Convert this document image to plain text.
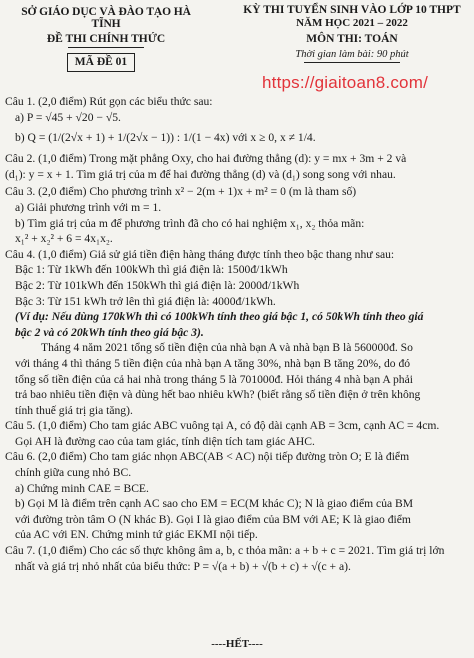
SỞ GIÁO DỤC VÀ ĐÀO TẠO HÀ TĨNH
ĐỀ THI CHÍNH THỨC
MÃ ĐỀ 01
KỲ THI TUYỂN SINH VÀO LỚP 10 THPT
NĂM HỌC 2021 – 2022
MÔN THI: TOÁN
Thời gian làm bài: 90 phút
https://giaitoan8.com/
Câu 1. (2,0 điểm) Rút gọn các biểu thức sau:
a) P = √45 + √20 − √5.
b) Q = (1/(2√x + 1) + 1/(2√x − 1)) : 1/(1 − 4x) với x ≥ 0, x ≠ 1/4.
Câu 2. (1,0 điểm) Trong mặt phẳng Oxy, cho hai đường thẳng (d): y = mx + 3m + 2 và
(d₁): y = x + 1. Tìm giá trị của m để hai đường thẳng (d) và (d₁) song song với nhau.
Câu 3. (2,0 điểm) Cho phương trình x² − 2(m + 1)x + m² = 0 (m là tham số)
a) Giải phương trình với m = 1.
b) Tìm giá trị của m để phương trình đã cho có hai nghiệm x₁, x₂ thỏa mãn:
x₁² + x₂² + 6 = 4x₁x₂.
Câu 4. (1,0 điểm) Giả sử giá tiền điện hàng tháng được tính theo bậc thang như sau:
Bậc 1: Từ 1kWh đến 100kWh thì giá điện là: 1500đ/1kWh
Bậc 2: Từ 101kWh đến 150kWh thì giá điện là: 2000đ/1kWh
Bậc 3: Từ 151 kWh trở lên thì giá điện là: 4000đ/1kWh.
(Ví dụ: Nếu dùng 170kWh thì có 100kWh tính theo giá bậc 1, có 50kWh tính theo giá
bậc 2 và có 20kWh tính theo giá bậc 3).
Tháng 4 năm 2021 tổng số tiền điện của nhà bạn A và nhà bạn B là 560000đ. So
với tháng 4 thì tháng 5 tiền điện của nhà bạn A tăng 30%, nhà bạn B tăng 20%, do đó
tổng số tiền điện của cả hai nhà trong tháng 5 là 701000đ. Hỏi tháng 4 nhà bạn A phải
trả bao nhiêu tiền điện và dùng hết bao nhiêu kWh? (biết rằng số tiền điện ở trên không
tính thuế giá trị gia tăng).
Câu 5. (1,0 điểm) Cho tam giác ABC vuông tại A, có độ dài cạnh AB = 3cm, cạnh AC = 4cm.
Gọi AH là đường cao của tam giác, tính diện tích tam giác AHC.
Câu 6. (2,0 điểm) Cho tam giác nhọn ABC(AB < AC) nội tiếp đường tròn O; E là điểm
chính giữa cung nhỏ BC.
a) Chứng minh CAE = BCE.
b) Gọi M là điểm trên cạnh AC sao cho EM = EC(M khác C); N là giao điểm của BM
với đường tròn tâm O (N khác B). Gọi I là giao điểm của BM với AE; K là giao điểm
của AC với EN. Chứng minh tứ giác EKMI nội tiếp.
Câu 7. (1,0 điểm) Cho các số thực không âm a, b, c thỏa mãn: a + b + c = 2021. Tìm giá trị lớn
nhất và giá trị nhỏ nhất của biểu thức: P = √(a + b) + √(b + c) + √(c + a).
----HẾT----
